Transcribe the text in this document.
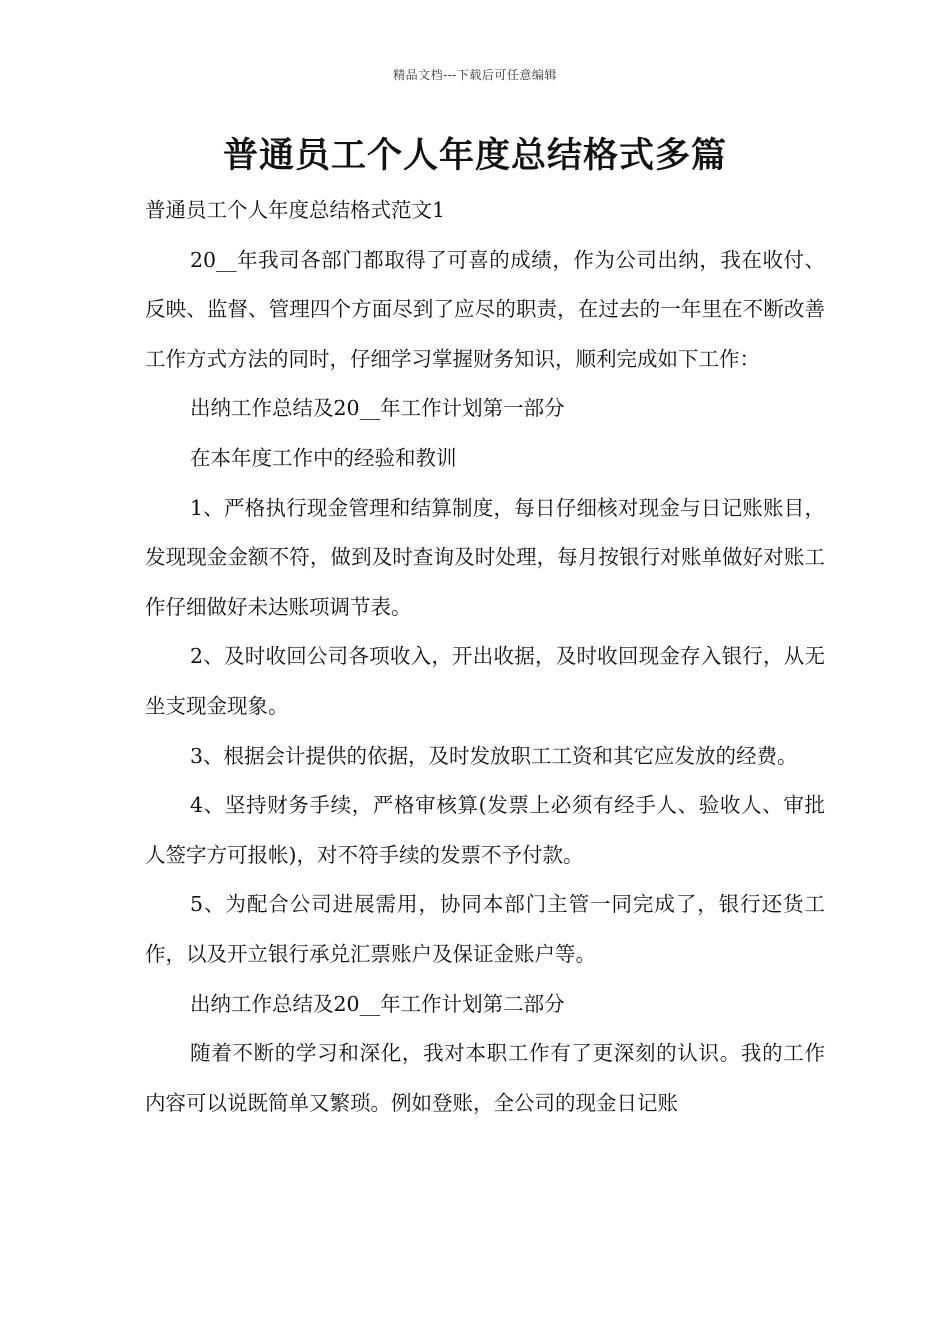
精品文档---下载后可任意编辑
普通员工个人年度总结格式多篇

普通员工个人年度总结格式范文1

20__年我司各部门都取得了可喜的成绩，作为公司出纳，我在收付、反映、监督、管理四个方面尽到了应尽的职责，在过去的一年里在不断改善工作方式方法的同时，仔细学习掌握财务知识，顺利完成如下工作：

出纳工作总结及20__年工作计划第一部分

在本年度工作中的经验和教训

1、严格执行现金管理和结算制度，每日仔细核对现金与日记账账目，发现现金金额不符，做到及时查询及时处理，每月按银行对账单做好对账工作仔细做好未达账项调节表。

2、及时收回公司各项收入，开出收据，及时收回现金存入银行，从无坐支现金现象。

3、根据会计提供的依据，及时发放职工工资和其它应发放的经费。

4、坚持财务手续，严格审核算(发票上必须有经手人、验收人、审批人签字方可报帐)，对不符手续的发票不予付款。

5、为配合公司进展需用，协同本部门主管一同完成了，银行还货工作，以及开立银行承兑汇票账户及保证金账户等。

出纳工作总结及20__年工作计划第二部分

随着不断的学习和深化，我对本职工作有了更深刻的认识。我的工作内容可以说既简单又繁琐。例如登账，全公司的现金日记账
